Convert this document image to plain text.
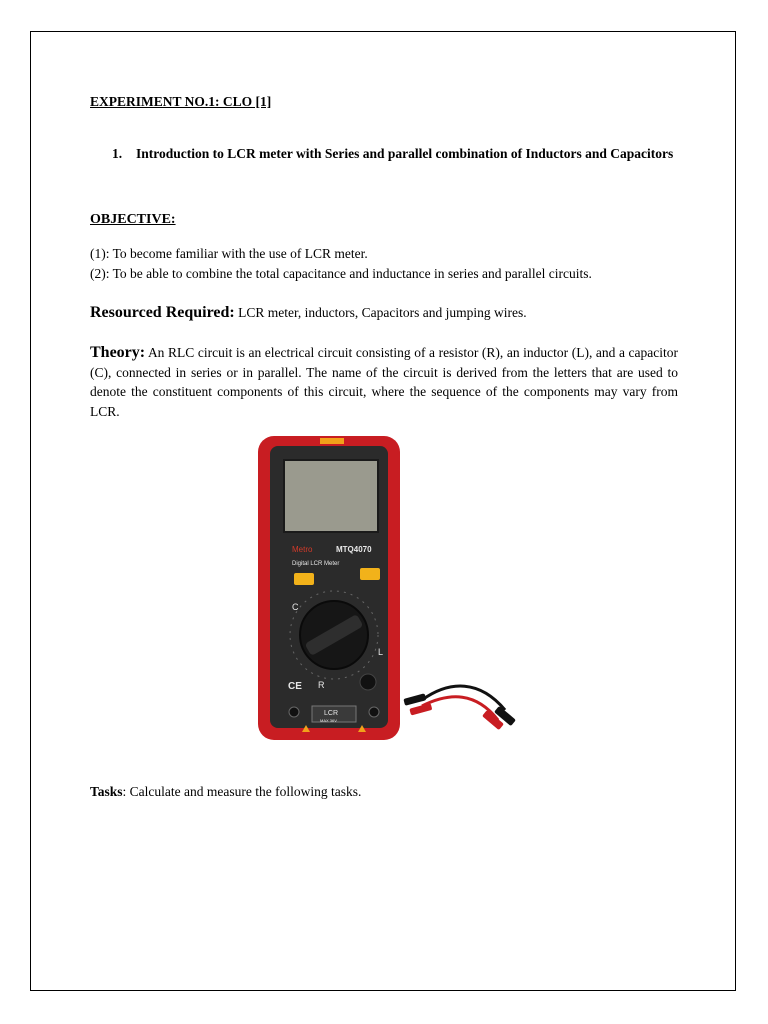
EXPERIMENT NO.1: CLO [1]
1. Introduction to LCR meter with Series and parallel combination of Inductors and Capacitors
OBJECTIVE:
(1): To become familiar with the use of LCR meter.
(2): To be able to combine the total capacitance and inductance in series and parallel circuits.
Resourced Required: LCR meter, inductors, Capacitors and jumping wires.
Theory: An RLC circuit is an electrical circuit consisting of a resistor (R), an inductor (L), and a capacitor (C), connected in series or in parallel. The name of the circuit is derived from the letters that are used to denote the constituent components of this circuit, where the sequence of the components may vary from LCR.
Metro	MTQ4070
Digital LCR Meter
C
L
R
CE
LCR
MAX 36V
Tasks: Calculate and measure the following tasks.
